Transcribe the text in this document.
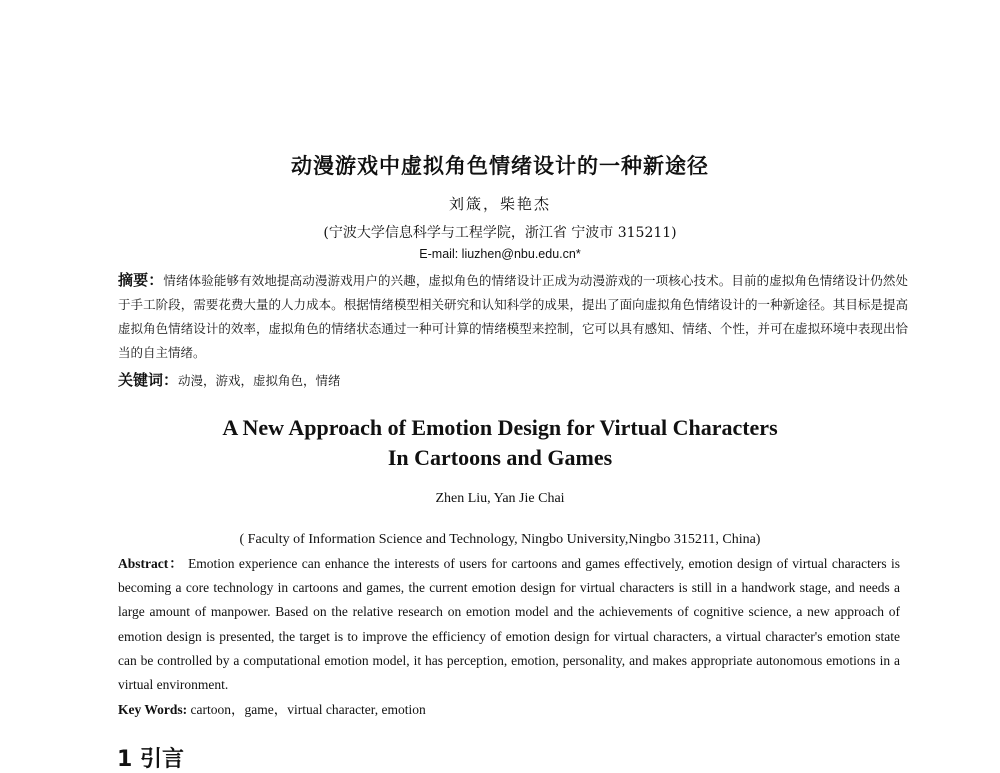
动漫游戏中虚拟角色情绪设计的一种新途径
刘箴，柴艳杰
(宁波大学信息科学与工程学院，浙江省 宁波市 315211)
E-mail: liuzhen@nbu.edu.cn*
摘要：情绪体验能够有效地提高动漫游戏用户的兴趣，虚拟角色的情绪设计正成为动漫游戏的一项核心技术。目前的虚拟角色情绪设计仍然处于手工阶段，需要花费大量的人力成本。根据情绪模型相关研究和认知科学的成果，提出了面向虚拟角色情绪设计的一种新途径。其目标是提高虚拟角色情绪设计的效率，虚拟角色的情绪状态通过一种可计算的情绪模型来控制，它可以具有感知、情绪、个性，并可在虚拟环境中表现出恰当的自主情绪。
关键词：动漫，游戏，虚拟角色，情绪
A New Approach of Emotion Design for Virtual Characters
In Cartoons and Games
Zhen Liu, Yan Jie Chai
( Faculty of Information Science and Technology, Ningbo University,Ningbo 315211, China)
Abstract： Emotion experience can enhance the interests of users for cartoons and games effectively, emotion design of virtual characters is becoming a core technology in cartoons and games, the current emotion design for virtual characters is still in a handwork stage, and needs a large amount of manpower. Based on the relative research on emotion model and the achievements of cognitive science, a new approach of emotion design is presented, the target is to improve the efficiency of emotion design for virtual characters, a virtual character's emotion state can be controlled by a computational emotion model, it has perception, emotion, personality, and makes appropriate autonomous emotions in a virtual environment.
Key Words: cartoon，game，virtual character, emotion
1 引言
